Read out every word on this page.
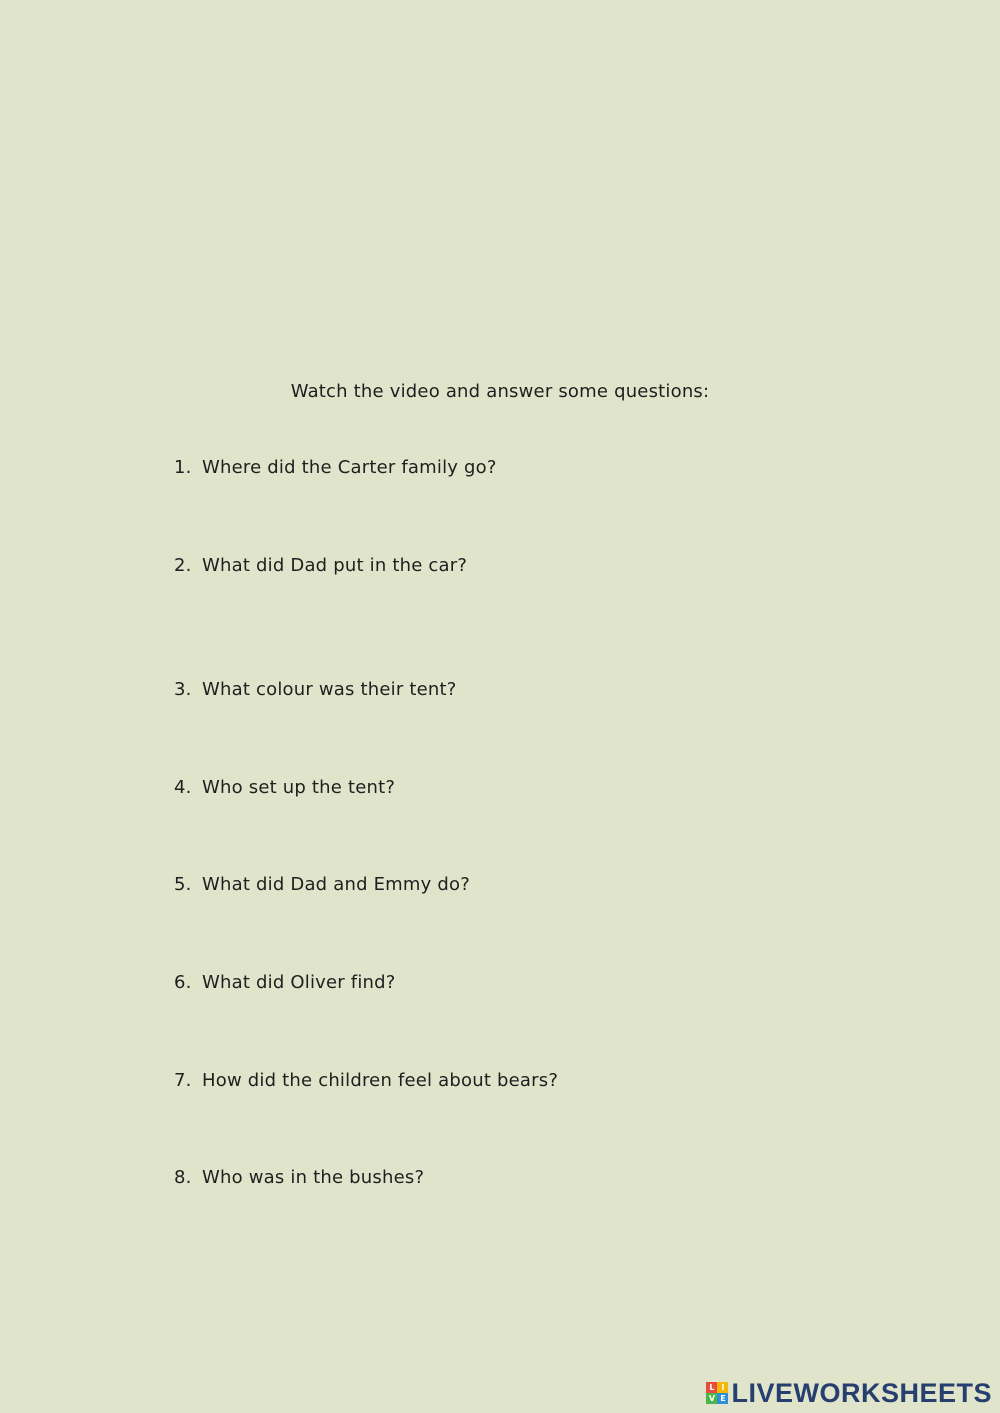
Watch the video and answer some questions:
1. Where did the Carter family go?
2. What did Dad put in the car?
3. What colour was their tent?
4. Who set up the tent?
5. What did Dad and Emmy do?
6. What did Oliver find?
7. How did the children feel about bears?
8. Who was in the bushes?
L I
V E LIVEWORKSHEETS
